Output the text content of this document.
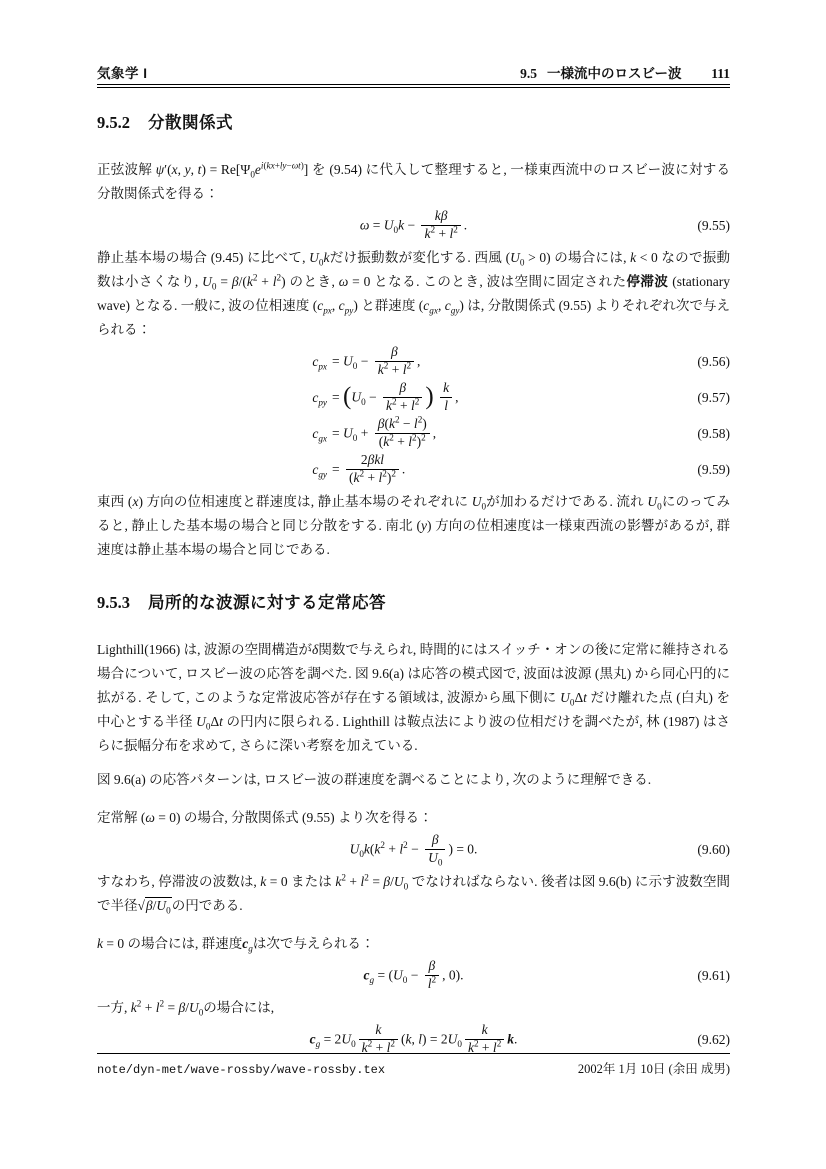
気象学 I	9.5 一様流中のロスビー波 111
9.5.2 分散関係式

正弦波解 ψ′(x, y, $t) = Re[\Psi_0e^{i(kx+ly-\omega t)}]$ を (9.54) に代入して整理すると, 一様東西流中のロスビー波に対する分散関係式を得る：

$\omega = U_0k - \frac{k\beta}{k^2 + l^2}$ .	(9.55)

静止基本場の場合 (9.45) に比べて, $U_0k$だけ振動数が変化する. 西風 $(U_0 > 0)$ の場合には, k < 0 なので振動数は小さくなり, $U_0 = \beta/(k^2 + l^2)$ のとき, ω = 0 となる. このとき, 波は空間に固定された停滞波 (stationary wave) となる. 一般に, 波の位相速度 ($c_{px}$, $c_{py}$) と群速度 ($c_{gx}$, $c_{gy}$) は, 分散関係式 (9.55) よりそれぞれ次で与えられる：

$c_{px} = U_0 - \frac{\beta}{k^2 + l^2}$ ,	(9.56)
$c_{py} = (U_0 - \frac{\beta}{k^2 + l^2}$ ) $\frac{k}{l}$ ,	(9.57)
$c_{gx} = U_0 + \frac{\beta(k^2 - l^2)}{(k^2 + l^2)^2}$ ,	(9.58)
$c_{gy} = \frac{\text{2βkl}}{(k^2 + l^2)^2}$ .	(9.59)

東西 (x) 方向の位相速度と群速度は, 静止基本場のそれぞれに $U_0$が加わるだけである. 流れ $U_0$にのってみると, 静止した基本場の場合と同じ分散をする. 南北 (y) 方向の位相速度は一様東西流の影響があるが, 群速度は静止基本場の場合と同じである.

9.5.3 局所的な波源に対する定常応答

Lighthill(1966) は, 波源の空間構造がδ関数で与えられ, 時間的にはスイッチ・オンの後に定常に維持される場合について, ロスビー波の応答を調べた. 図 9.6(a) は応答の模式図で, 波面は波源 (黒丸) から同心円的に拡がる. そして, このような定常波応答が存在する領域は, 波源から風下側に $U_0\Delta t$ だけ離れた点 (白丸) を中心とする半径 $U_0\Delta t$ の円内に限られる. Lighthill は鞍点法により波の位相だけを調べたが, 林 (1987) はさらに振幅分布を求めて, さらに深い考察を加えている.

図 9.6(a) の応答パターンは, ロスビー波の群速度を調べることにより, 次のように理解できる.

定常解 (ω = 0) の場合, 分散関係式 (9.55) より次を得る：

$U_0k(k^2 + l^2 - \frac{\beta}{U_0}$ ) = 0.	(9.60)

すなわち, 停滞波の波数は, k = 0 または $k^2 + l^2 = \beta/U_0$ でなければならない. 後者は図 9.6(b) に示す波数空間で半径$√\beta/U_0$の円である.

k = 0 の場合には, 群速度$c_g$は次で与えられる：

$c_g = (U_0 - \frac{\beta}{l^2}$ , 0).	(9.61)

一方, $k^2 + l^2 = \beta/U_0$の場合には,

$c_g = 2U_0 \frac{k}{k^2 + l^2} (k$, $l) = 2U_0 \frac{k}{k^2 + l^2} k$.	(9.62)
note/dyn-met/wave-rossby/wave-rossby.tex	2002年 1月 10日 (余田 成男)
